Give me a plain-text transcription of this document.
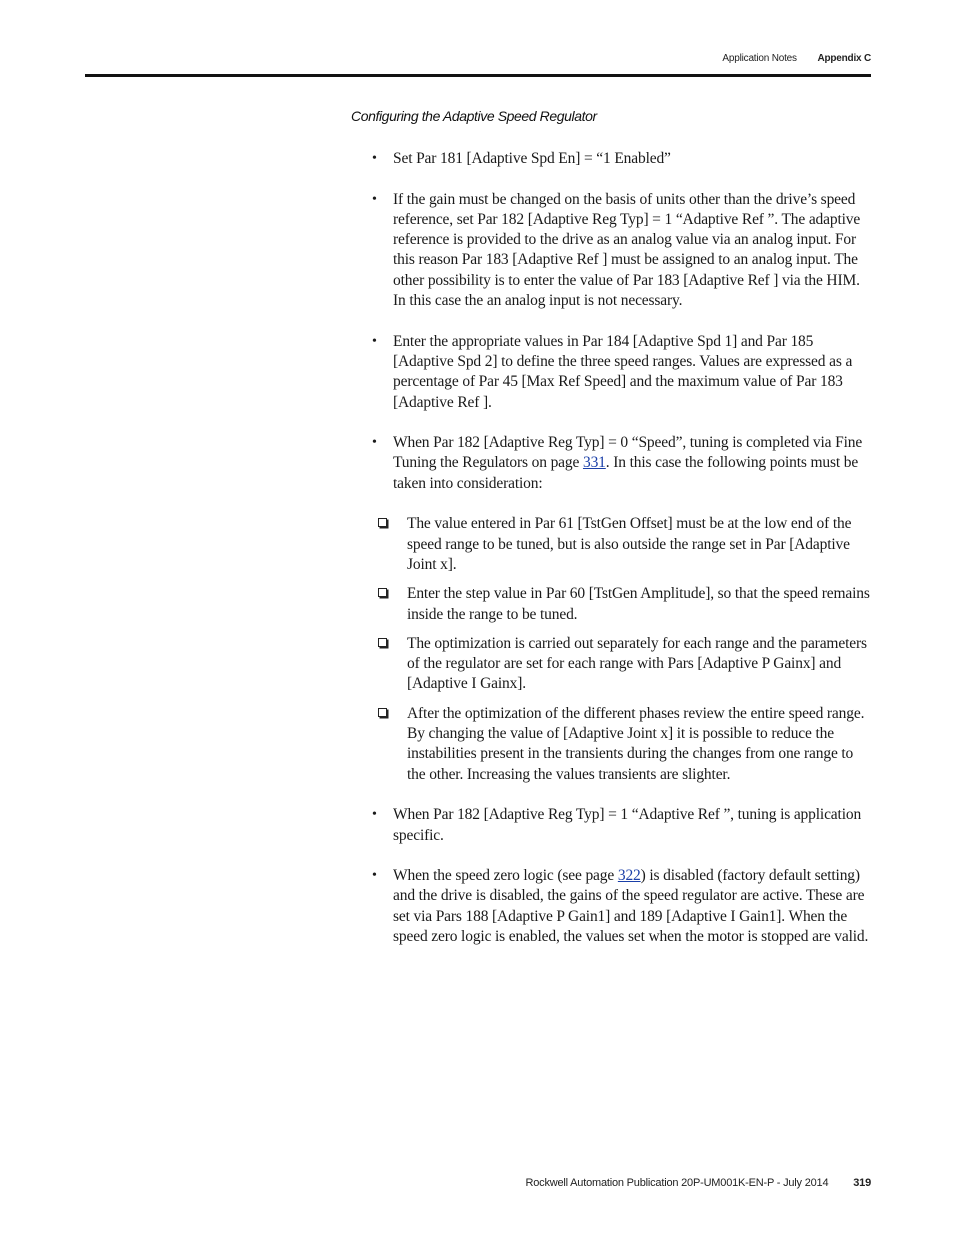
Application Notes Appendix C
Configuring the Adaptive Speed Regulator
• Set Par 181 [Adaptive Spd En] = “1 Enabled”
• If the gain must be changed on the basis of units other than the drive’s speed reference, set Par 182 [Adaptive Reg Typ] = 1 “Adaptive Ref ”. The adaptive reference is provided to the drive as an analog value via an analog input. For this reason Par 183 [Adaptive Ref ] must be assigned to an analog input. The other possibility is to enter the value of Par 183 [Adaptive Ref ] via the HIM. In this case the an analog input is not necessary.
• Enter the appropriate values in Par 184 [Adaptive Spd 1] and Par 185 [Adaptive Spd 2] to define the three speed ranges. Values are expressed as a percentage of Par 45 [Max Ref Speed] and the maximum value of Par 183 [Adaptive Ref ].
• When Par 182 [Adaptive Reg Typ] = 0 “Speed”, tuning is completed via Fine Tuning the Regulators on page 331. In this case the following points must be taken into consideration:
The value entered in Par 61 [TstGen Offset] must be at the low end of the speed range to be tuned, but is also outside the range set in Par [Adaptive Joint x].
Enter the step value in Par 60 [TstGen Amplitude], so that the speed remains inside the range to be tuned.
The optimization is carried out separately for each range and the parameters of the regulator are set for each range with Pars [Adaptive P Gainx] and [Adaptive I Gainx].
After the optimization of the different phases review the entire speed range. By changing the value of [Adaptive Joint x] it is possible to reduce the instabilities present in the transients during the changes from one range to the other. Increasing the values transients are slighter.
• When Par 182 [Adaptive Reg Typ] = 1 “Adaptive Ref ”, tuning is application specific.
• When the speed zero logic (see page 322) is disabled (factory default setting) and the drive is disabled, the gains of the speed regulator are active. These are set via Pars 188 [Adaptive P Gain1] and 189 [Adaptive I Gain1]. When the speed zero logic is enabled, the values set when the motor is stopped are valid.
Rockwell Automation Publication 20P-UM001K-EN-P - July 2014 319
